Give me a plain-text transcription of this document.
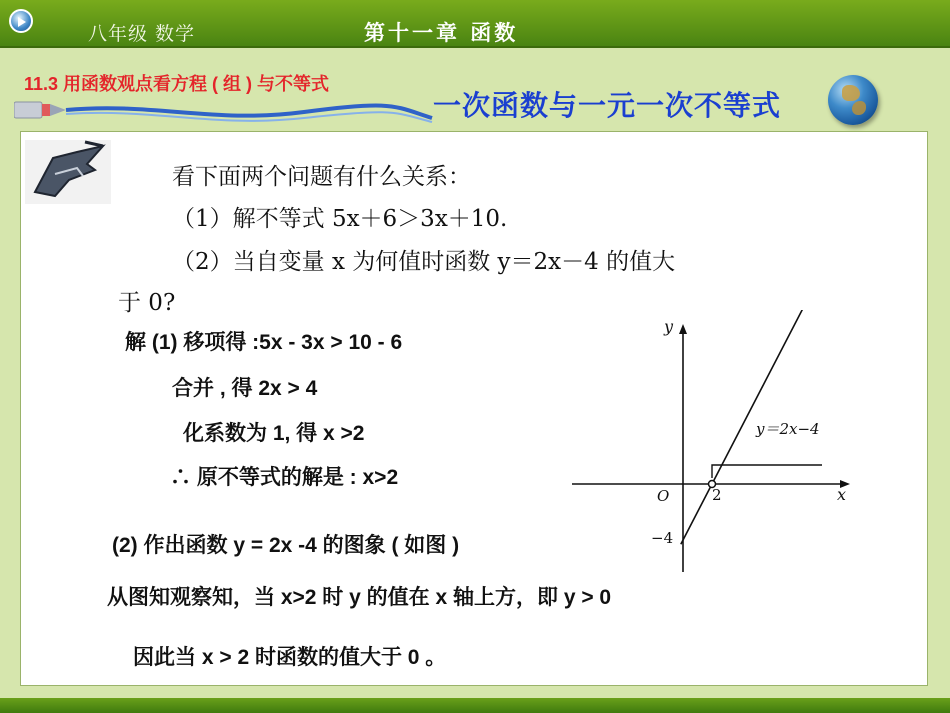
八年级 数学	第十一章 函数
11.3 用函数观点看方程 ( 组 ) 与不等式
一次函数与一元一次不等式
看下面两个问题有什么关系：
（1）解不等式 5x＋6＞3x＋10.
（2）当自变量 x 为何值时函数 y＝2x－4 的值大
于 0?
解 (1) 移项得 :5x - 3x > 10 - 6
合并 , 得 2x > 4
化系数为 1, 得 x >2
∴ 原不等式的解是 : x>2
(2) 作出函数 y = 2x -4 的图象 ( 如图 )
从图知观察知，当 x>2 时 y 的值在 x 轴上方，即 y > 0
因此当 x > 2 时函数的值大于 0 。
y
x
O	2
−4
y＝2x−4
